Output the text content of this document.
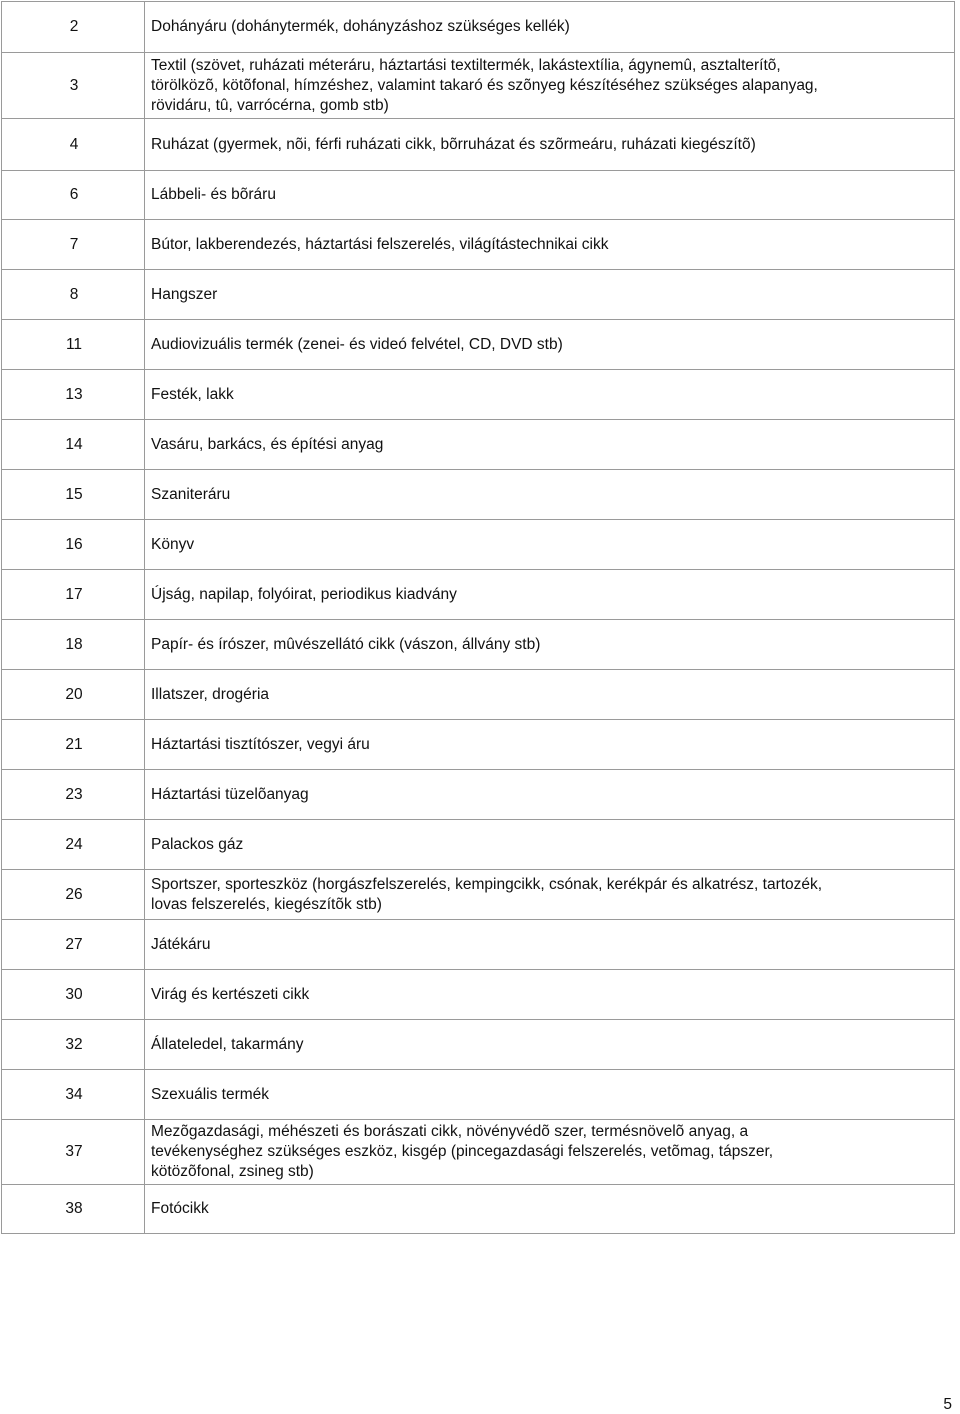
2	Dohányáru (dohánytermék, dohányzáshoz szükséges kellék)
3	Textil (szövet, ruházati méteráru, háztartási textiltermék, lakástextília, ágynemû, asztalterítõ,
törölközõ, kötõfonal, hímzéshez, valamint takaró és szõnyeg készítéséhez szükséges alapanyag,
rövidáru, tû, varrócérna, gomb stb)

4	Ruházat (gyermek, nõi, férfi ruházati cikk, bõrruházat és szõrmeáru, ruházati kiegészítõ)
6	Lábbeli- és bõráru
7	Bútor, lakberendezés, háztartási felszerelés, világítástechnikai cikk
8	Hangszer
11	Audiovizuális termék (zenei- és videó felvétel, CD, DVD stb)
13	Festék, lakk
14	Vasáru, barkács, és építési anyag
15	Szaniteráru
16	Könyv
17	Újság, napilap, folyóirat, periodikus kiadvány
18	Papír- és írószer, mûvészellátó cikk (vászon, állvány stb)
20	Illatszer, drogéria
21	Háztartási tisztítószer, vegyi áru
23	Háztartási tüzelõanyag
24	Palackos gáz
26	Sportszer, sporteszköz (horgászfelszerelés, kempingcikk, csónak, kerékpár és alkatrész, tartozék,
lovas felszerelés, kiegészítõk stb)

27	Játékáru
30	Virág és kertészeti cikk
32	Állateledel, takarmány
34	Szexuális termék
37	Mezõgazdasági, méhészeti és borászati cikk, növényvédõ szer, termésnövelõ anyag, a
tevékenységhez szükséges eszköz, kisgép (pincegazdasági felszerelés, vetõmag, tápszer,
kötözõfonal, zsineg stb)

38	Fotócikk
5
